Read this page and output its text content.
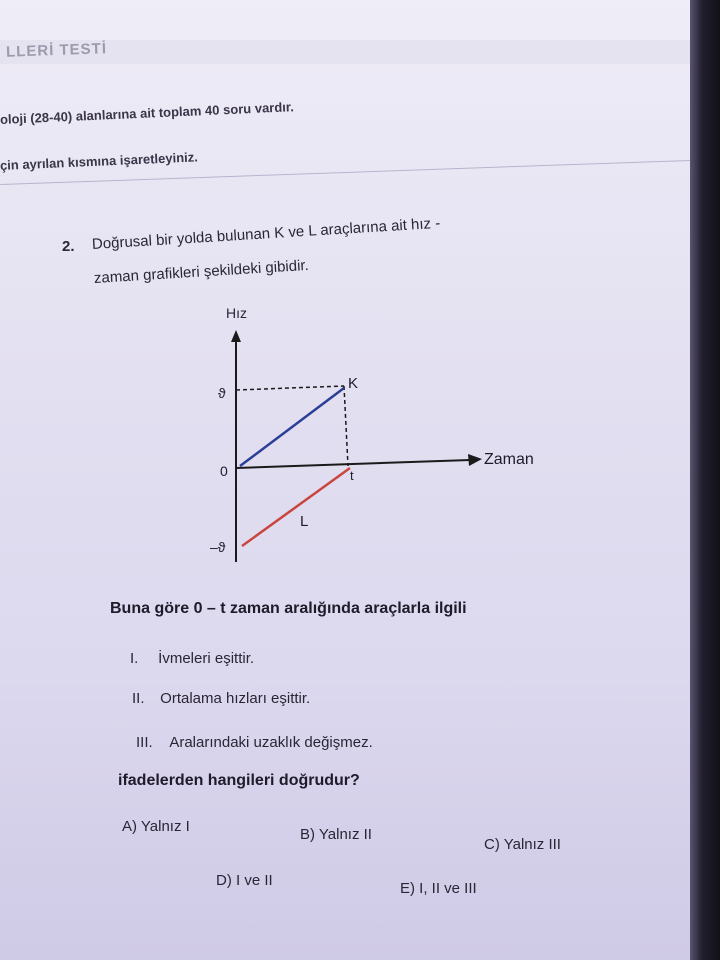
LLERİ TESTİ
oloji (28-40) alanlarına ait toplam 40 soru vardır.
çin ayrılan kısmına işaretleyiniz.
2. Doğrusal bir yolda bulunan K ve L araçlarına ait hız -
zaman grafikleri şekildeki gibidir.
Hız
Zaman
ϑ
0
–ϑ
t
K
L
Buna göre 0 – t zaman aralığında araçlarla ilgili
I. İvmeleri eşittir.
II. Ortalama hızları eşittir.
III. Aralarındaki uzaklık değişmez.
ifadelerden hangileri doğrudur?
A) Yalnız I	B) Yalnız II
C) Yalnız III
D) I ve II	E) I, II ve III
